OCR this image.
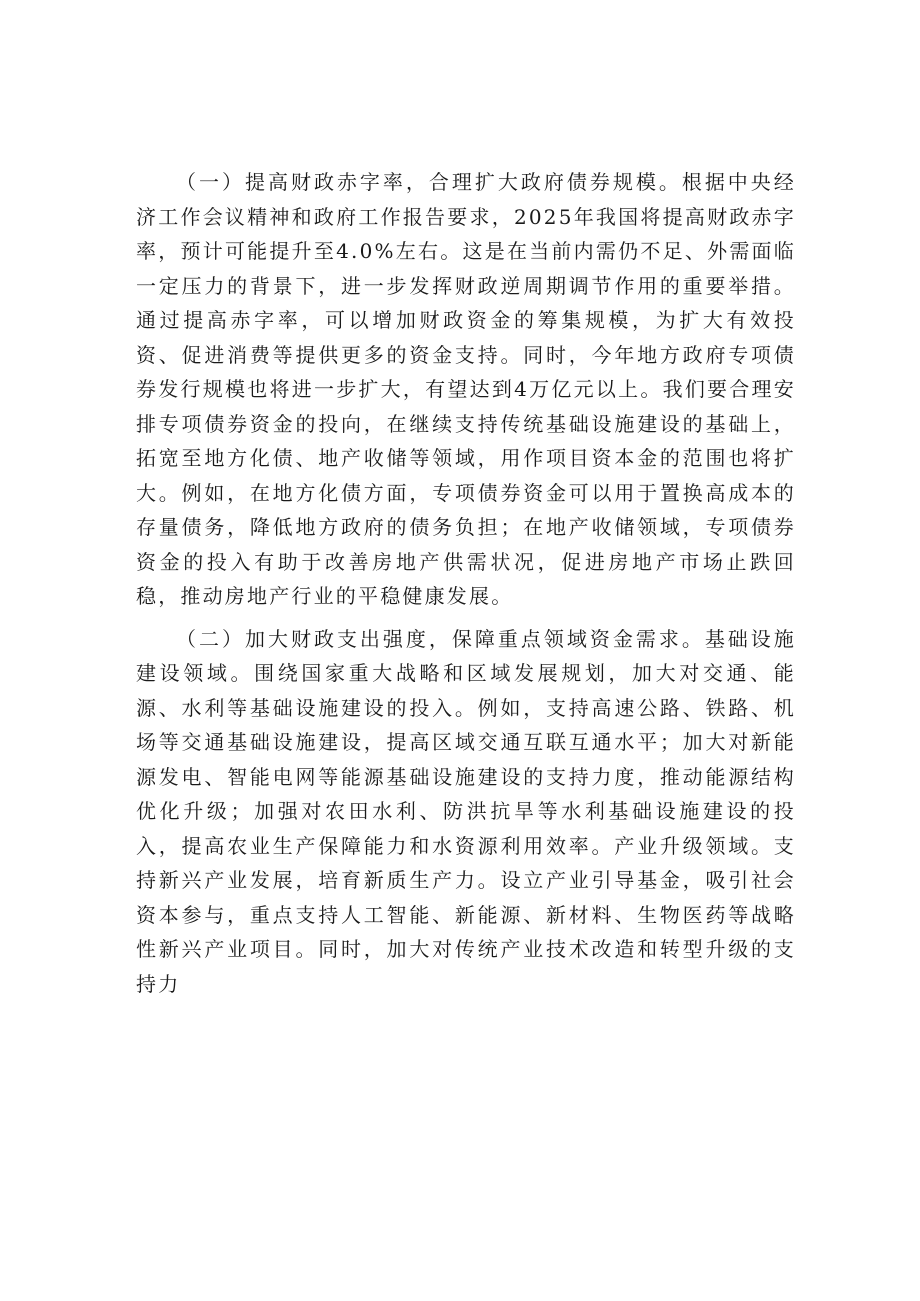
（一）提高财政赤字率，合理扩大政府债券规模。根据中央经济工作会议精神和政府工作报告要求，2025年我国将提高财政赤字率，预计可能提升至4.0%左右。这是在当前内需仍不足、外需面临一定压力的背景下，进一步发挥财政逆周期调节作用的重要举措。通过提高赤字率，可以增加财政资金的筹集规模，为扩大有效投资、促进消费等提供更多的资金支持。同时，今年地方政府专项债券发行规模也将进一步扩大，有望达到4万亿元以上。我们要合理安排专项债券资金的投向，在继续支持传统基础设施建设的基础上，拓宽至地方化债、地产收储等领域，用作项目资本金的范围也将扩大。例如，在地方化债方面，专项债券资金可以用于置换高成本的存量债务，降低地方政府的债务负担；在地产收储领域，专项债券资金的投入有助于改善房地产供需状况，促进房地产市场止跌回稳，推动房地产行业的平稳健康发展。

（二）加大财政支出强度，保障重点领域资金需求。基础设施建设领域。围绕国家重大战略和区域发展规划，加大对交通、能源、水利等基础设施建设的投入。例如，支持高速公路、铁路、机场等交通基础设施建设，提高区域交通互联互通水平；加大对新能源发电、智能电网等能源基础设施建设的支持力度，推动能源结构优化升级；加强对农田水利、防洪抗旱等水利基础设施建设的投入，提高农业生产保障能力和水资源利用效率。产业升级领域。支持新兴产业发展，培育新质生产力。设立产业引导基金，吸引社会资本参与，重点支持人工智能、新能源、新材料、生物医药等战略性新兴产业项目。同时，加大对传统产业技术改造和转型升级的支持力
